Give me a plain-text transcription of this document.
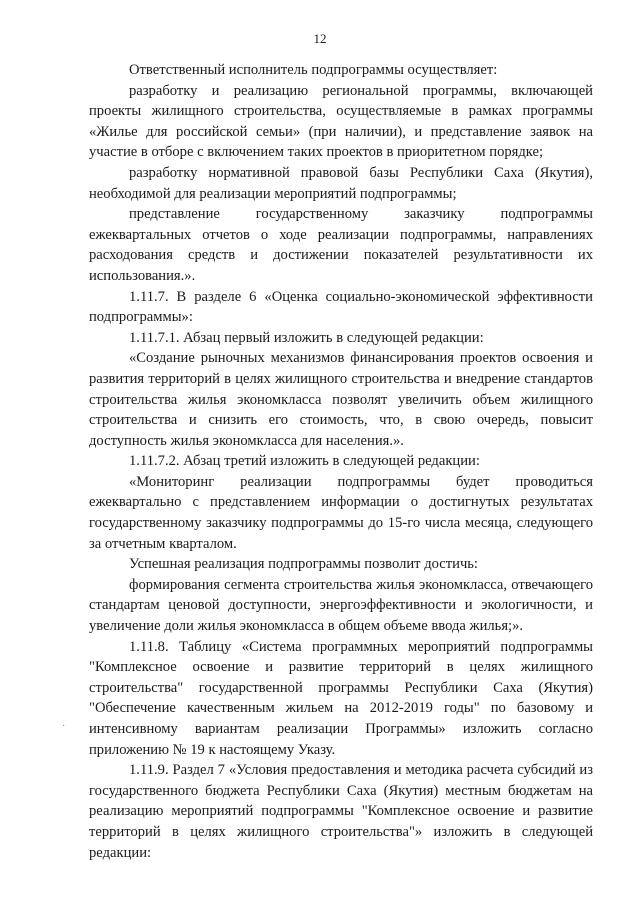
12

Ответственный исполнитель подпрограммы осуществляет:

разработку и реализацию региональной программы, включающей проекты жилищного строительства, осуществляемые в рамках программы «Жилье для российской семьи» (при наличии), и представление заявок на участие в отборе с включением таких проектов в приоритетном порядке;

разработку нормативной правовой базы Республики Саха (Якутия), необходимой для реализации мероприятий подпрограммы;

представление государственному заказчику подпрограммы ежеквартальных отчетов о ходе реализации подпрограммы, направлениях расходования средств и достижении показателей результативности их использования.».

1.11.7. В разделе 6 «Оценка социально-экономической эффективности подпрограммы»:

1.11.7.1. Абзац первый изложить в следующей редакции:

«Создание рыночных механизмов финансирования проектов освоения и развития территорий в целях жилищного строительства и внедрение стандартов строительства жилья экономкласса позволят увеличить объем жилищного строительства и снизить его стоимость, что, в свою очередь, повысит доступность жилья экономкласса для населения.».

1.11.7.2. Абзац третий изложить в следующей редакции:

«Мониторинг реализации подпрограммы будет проводиться ежеквартально с представлением информации о достигнутых результатах государственному заказчику подпрограммы до 15-го числа месяца, следующего за отчетным кварталом.

Успешная реализация подпрограммы позволит достичь:

формирования сегмента строительства жилья экономкласса, отвечающего стандартам ценовой доступности, энергоэффективности и экологичности, и увеличение доли жилья экономкласса в общем объеме ввода жилья;».

1.11.8. Таблицу «Система программных мероприятий подпрограммы "Комплексное освоение и развитие территорий в целях жилищного строительства" государственной программы Республики Саха (Якутия) "Обеспечение качественным жильем на 2012-2019 годы" по базовому и интенсивному вариантам реализации Программы» изложить согласно приложению № 19 к настоящему Указу.

1.11.9. Раздел 7 «Условия предоставления и методика расчета субсидий из государственного бюджета Республики Саха (Якутия) местным бюджетам на реализацию мероприятий подпрограммы "Комплексное освоение и развитие территорий в целях жилищного строительства"» изложить в следующей редакции:

·
